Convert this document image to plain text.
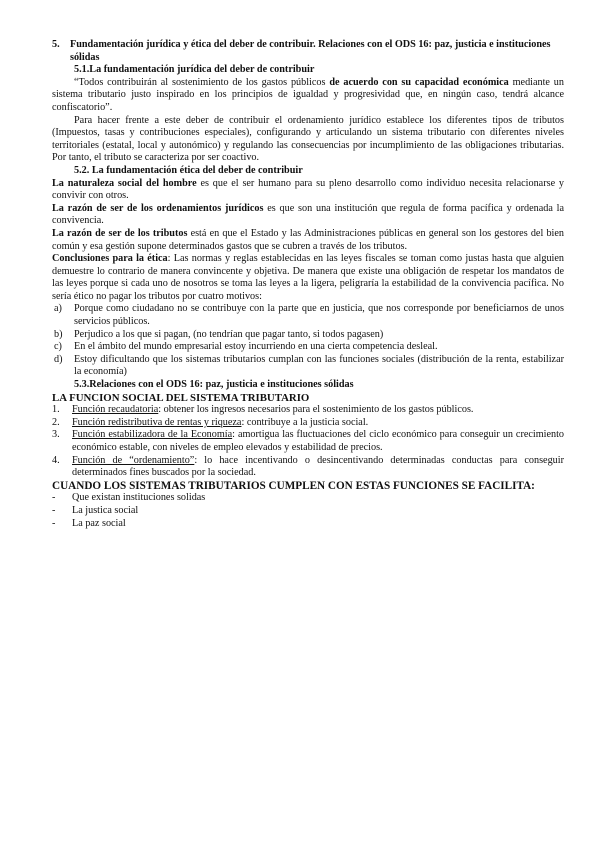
5.	Fundamentación jurídica y ética del deber de contribuir. Relaciones con el ODS 16: paz, justicia e instituciones sólidas

5.1.La fundamentación jurídica del deber de contribuir

“Todos contribuirán al sostenimiento de los gastos públicos de acuerdo con su capacidad económica mediante un sistema tributario justo inspirado en los principios de igualdad y progresividad que, en ningún caso, tendrá alcance confiscatorio”.

Para hacer frente a este deber de contribuir el ordenamiento jurídico establece los diferentes tipos de tributos (Impuestos, tasas y contribuciones especiales), configurando y articulando un sistema tributario con diferentes niveles territoriales (estatal, local y autonómico) y regulando las consecuencias por incumplimiento de las obligaciones tributarias. Por tanto, el tributo se caracteriza por ser coactivo.

5.2. La fundamentación ética del deber de contribuir

La naturaleza social del hombre es que el ser humano para su pleno desarrollo como individuo necesita relacionarse y convivir con otros.

La razón de ser de los ordenamientos jurídicos es que son una institución que regula de forma pacífica y ordenada la convivencia.

La razón de ser de los tributos está en que el Estado y las Administraciones públicas en general son los gestores del bien común y esa gestión supone determinados gastos que se cubren a través de los tributos.

Conclusiones para la ética: Las normas y reglas establecidas en las leyes fiscales se toman como justas hasta que alguien demuestre lo contrario de manera convincente y objetiva. De manera que existe una obligación de respetar los mandatos de las leyes porque si cada uno de nosotros se toma las leyes a la ligera, peligraría la estabilidad de la convivencia pacífica. No sería ético no pagar los tributos por cuatro motivos:

a)	Porque como ciudadano no se contribuye con la parte que en justicia, que nos corresponde por beneficiarnos de unos servicios públicos.
b)	Perjudico a los que si pagan, (no tendrían que pagar tanto, si todos pagasen)
c)	En el ámbito del mundo empresarial estoy incurriendo en una cierta competencia desleal.
d)	Estoy dificultando que los sistemas tributarios cumplan con las funciones sociales (distribución de la renta, estabilizar la economía)

5.3.Relaciones con el ODS 16: paz, justicia e instituciones sólidas

LA FUNCION SOCIAL DEL SISTEMA TRIBUTARIO

1.	Función recaudatoria: obtener los ingresos necesarios para el sostenimiento de los gastos públicos.
2.	Función redistributiva de rentas y riqueza: contribuye a la justicia social.
3.	Función estabilizadora de la Economía: amortigua las fluctuaciones del ciclo económico para conseguir un crecimiento económico estable, con niveles de empleo elevados y estabilidad de precios.
4.	Función de “ordenamiento”: lo hace incentivando o desincentivando determinadas conductas para conseguir determinados fines buscados por la sociedad.

CUANDO LOS SISTEMAS TRIBUTARIOS CUMPLEN CON ESTAS FUNCIONES SE FACILITA:

-	Que existan instituciones solidas
-	La justica social
-	La paz social
